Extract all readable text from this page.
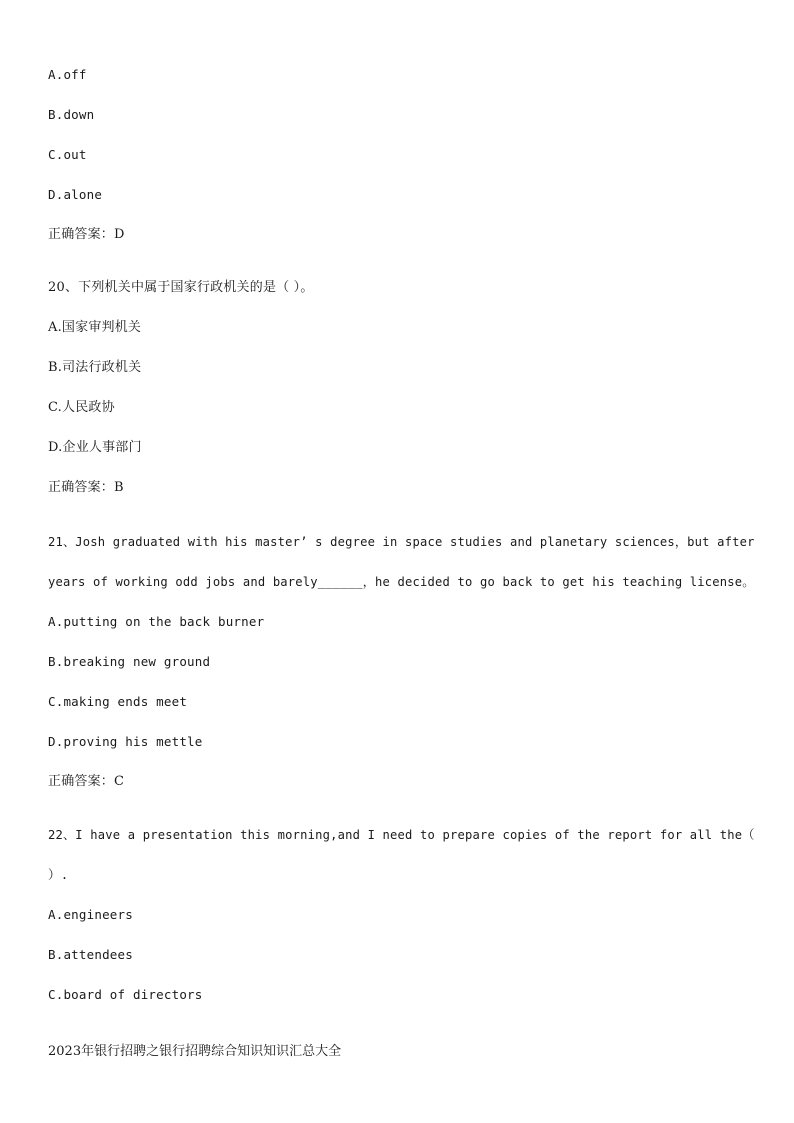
A.off
B.down
C.out
D.alone
正确答案：D
20、下列机关中属于国家行政机关的是（ ）。
A.国家审判机关
B.司法行政机关
C.人民政协
D.企业人事部门
正确答案：B
21、Josh graduated with his master’ s degree in space studies and planetary sciences，but after
years of working odd jobs and barely______，he decided to go back to get his teaching license。
A.putting on the back burner
B.breaking new ground
C.making ends meet
D.proving his mettle
正确答案：C
22、I have a presentation this morning,and I need to prepare copies of the report for all the（
）.
A.engineers
B.attendees
C.board of directors
2023年银行招聘之银行招聘综合知识知识汇总大全
